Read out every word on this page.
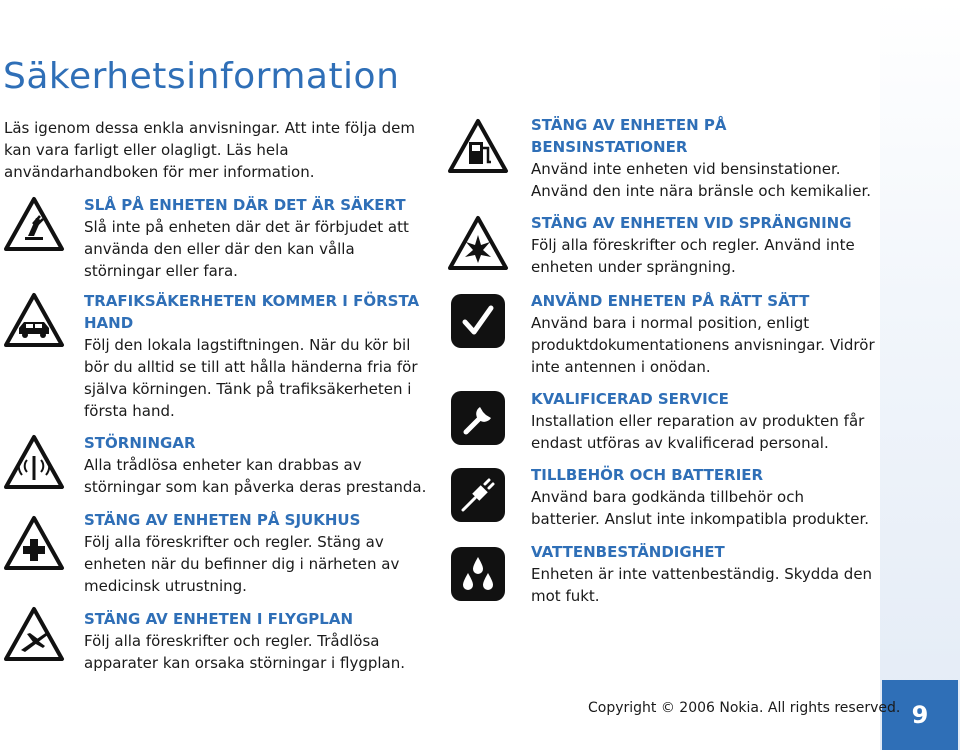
9
Säkerhetsinformation

Läs igenom dessa enkla anvisningar. Att inte följa dem kan vara farligt eller olagligt. Läs hela användarhandboken för mer information.

SLÅ PÅ ENHETEN DÄR DET ÄR SÄKERT

Slå inte på enheten där det är förbjudet att använda den eller där den kan vålla störningar eller fara.

TRAFIKSÄKERHETEN KOMMER I FÖRSTA HAND

Följ den lokala lagstiftningen. När du kör bil bör du alltid se till att hålla händerna fria för själva körningen. Tänk på trafiksäkerheten i första hand.

STÖRNINGAR

Alla trådlösa enheter kan drabbas av störningar som kan påverka deras prestanda.

STÄNG AV ENHETEN PÅ SJUKHUS

Följ alla föreskrifter och regler. Stäng av enheten när du befinner dig i närheten av medicinsk utrustning.

STÄNG AV ENHETEN I FLYGPLAN

Följ alla föreskrifter och regler. Trådlösa apparater kan orsaka störningar i flygplan.

STÄNG AV ENHETEN PÅ BENSINSTATIONER

Använd inte enheten vid bensinstationer. Använd den inte nära bränsle och kemikalier.

STÄNG AV ENHETEN VID SPRÄNGNING Följ alla föreskrifter och regler. Använd inte enheten under sprängning.

ANVÄND ENHETEN PÅ RÄTT SÄTT

Använd bara i normal position, enligt produktdokumentationens anvisningar. Vidrör inte antennen i onödan.

KVALIFICERAD SERVICE

Installation eller reparation av produkten får endast utföras av kvalificerad personal.

TILLBEHÖR OCH BATTERIER

Använd bara godkända tillbehör och batterier. Anslut inte inkompatibla produkter.

VATTENBESTÄNDIGHET

Enheten är inte vattenbeständig. Skydda den mot fukt.

Copyright © 2006 Nokia. All rights reserved.
